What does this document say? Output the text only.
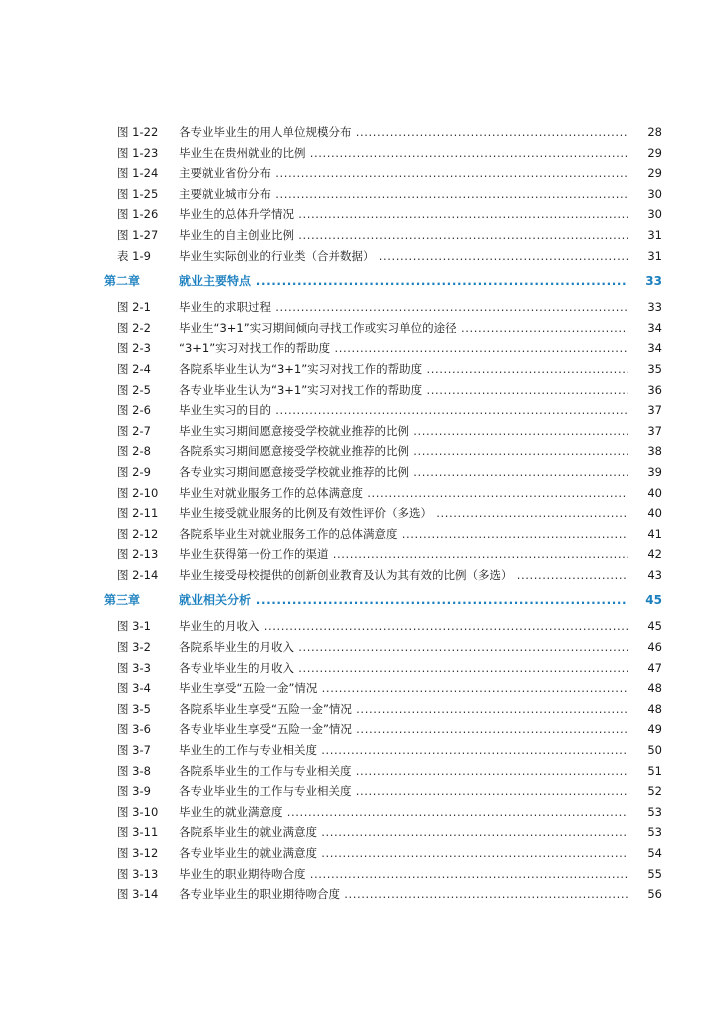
图 1-22 各专业毕业生的用人单位规模分布 .....	28
图 1-23 毕业生在贵州就业的比例 .....	29
图 1-24 主要就业省份分布 .....	29
图 1-25 主要就业城市分布 .....	30
图 1-26 毕业生的总体升学情况 .....	30
图 1-27 毕业生的自主创业比例 .....	31
表 1-9 毕业生实际创业的行业类（合并数据） .....	31
第二章	就业主要特点 .....	33
图 2-1 毕业生的求职过程 .....	33
图 2-2 毕业生“3+1”实习期间倾向寻找工作或实习单位的途径 .....	34
图 2-3 “3+1”实习对找工作的帮助度 .....	34
图 2-4 各院系毕业生认为“3+1”实习对找工作的帮助度 .....	35
图 2-5 各专业毕业生认为“3+1”实习对找工作的帮助度 .....	36
图 2-6 毕业生实习的目的 .....	37
图 2-7 毕业生实习期间愿意接受学校就业推荐的比例 .....	37
图 2-8 各院系实习期间愿意接受学校就业推荐的比例 .....	38
图 2-9 各专业实习期间愿意接受学校就业推荐的比例 .....	39
图 2-10 毕业生对就业服务工作的总体满意度 .....	40
图 2-11 毕业生接受就业服务的比例及有效性评价（多选） .....	40
图 2-12 各院系毕业生对就业服务工作的总体满意度 .....	41
图 2-13 毕业生获得第一份工作的渠道 .....	42
图 2-14 毕业生接受母校提供的创新创业教育及认为其有效的比例（多选） .....	43
第三章	就业相关分析 .....	45
图 3-1 毕业生的月收入 .....	45
图 3-2 各院系毕业生的月收入 .....	46
图 3-3 各专业毕业生的月收入 .....	47
图 3-4 毕业生享受“五险一金”情况 .....	48
图 3-5 各院系毕业生享受“五险一金”情况 .....	48
图 3-6 各专业毕业生享受“五险一金”情况 .....	49
图 3-7 毕业生的工作与专业相关度 .....	50
图 3-8 各院系毕业生的工作与专业相关度 .....	51
图 3-9 各专业毕业生的工作与专业相关度 .....	52
图 3-10 毕业生的就业满意度 .....	53
图 3-11 各院系毕业生的就业满意度 .....	53
图 3-12 各专业毕业生的就业满意度 .....	54
图 3-13 毕业生的职业期待吻合度 .....	55
图 3-14 各专业毕业生的职业期待吻合度 .....	56
